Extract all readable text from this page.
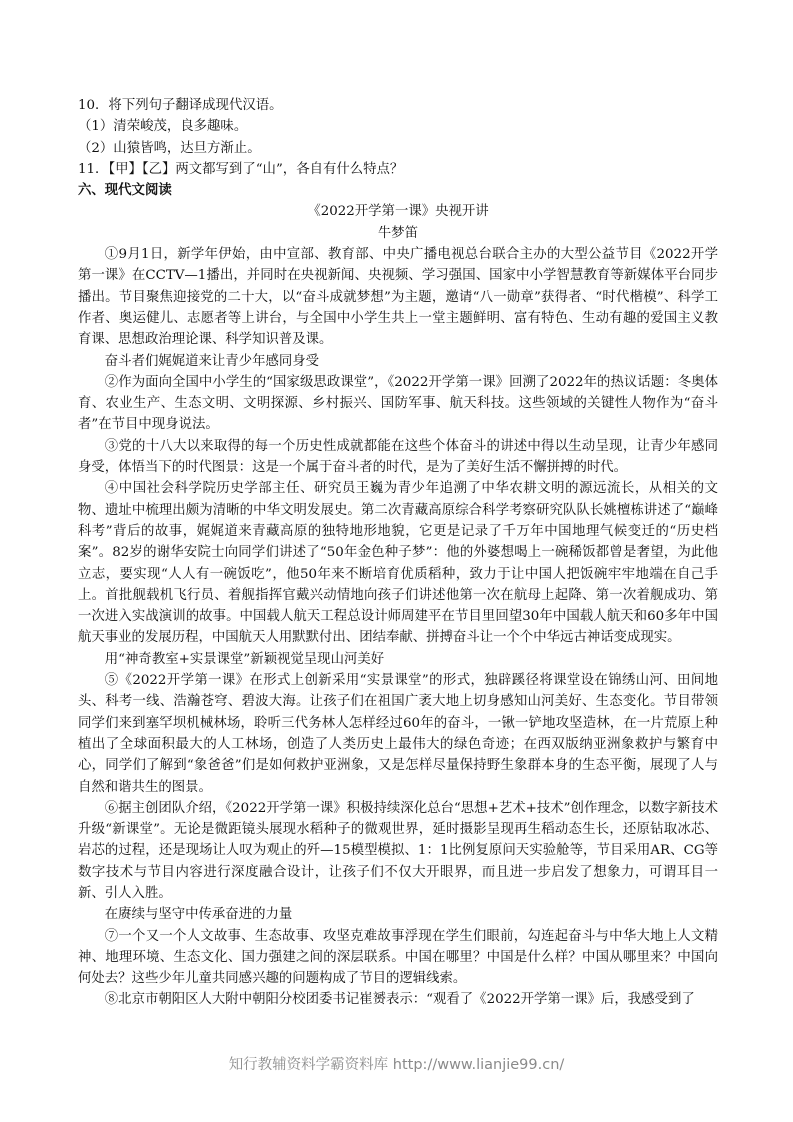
10．将下列句子翻译成现代汉语。

（1）清荣峻茂，良多趣味。

（2）山猿皆鸣，达旦方渐止。

11．【甲】【乙】两文都写到了“山”，各自有什么特点？

六、现代文阅读

《2022开学第一课》央视开讲

牛梦笛

①9月1日，新学年伊始，由中宣部、教育部、中央广播电视总台联合主办的大型公益节目《2022开学第一课》在CCTV—1播出，并同时在央视新闻、央视频、学习强国、国家中小学智慧教育等新媒体平台同步播出。节目聚焦迎接党的二十大，以“奋斗成就梦想”为主题，邀请“八一勋章”获得者、“时代楷模”、科学工作者、奥运健儿、志愿者等上讲台，与全国中小学生共上一堂主题鲜明、富有特色、生动有趣的爱国主义教育课、思想政治理论课、科学知识普及课。

奋斗者们娓娓道来让青少年感同身受

②作为面向全国中小学生的“国家级思政课堂”，《2022开学第一课》回溯了2022年的热议话题：冬奥体育、农业生产、生态文明、文明探源、乡村振兴、国防军事、航天科技。这些领域的关键性人物作为“奋斗者”在节目中现身说法。

③党的十八大以来取得的每一个历史性成就都能在这些个体奋斗的讲述中得以生动呈现，让青少年感同身受，体悟当下的时代图景：这是一个属于奋斗者的时代，是为了美好生活不懈拼搏的时代。

④中国社会科学院历史学部主任、研究员王巍为青少年追溯了中华农耕文明的源远流长，从相关的文物、遗址中梳理出颇为清晰的中华文明发展史。第二次青藏高原综合科学考察研究队队长姚檀栋讲述了“巅峰科考”背后的故事，娓娓道来青藏高原的独特地形地貌，它更是记录了千万年中国地理气候变迁的“历史档案”。82岁的谢华安院士向同学们讲述了“50年金色种子梦”：他的外婆想喝上一碗稀饭都曾是奢望，为此他立志，要实现“人人有一碗饭吃”，他50年来不断培育优质稻种，致力于让中国人把饭碗牢牢地端在自己手上。首批舰载机飞行员、着舰指挥官戴兴动情地向孩子们讲述他第一次在航母上起降、第一次着舰成功、第一次进入实战演训的故事。中国载人航天工程总设计师周建平在节目里回望30年中国载人航天和60多年中国航天事业的发展历程，中国航天人用默默付出、团结奉献、拼搏奋斗让一个个中华远古神话变成现实。

用“神奇教室+实景课堂”新颖视觉呈现山河美好

⑤《2022开学第一课》在形式上创新采用“实景课堂”的形式，独辟蹊径将课堂设在锦绣山河、田间地头、科考一线、浩瀚苍穹、碧波大海。让孩子们在祖国广袤大地上切身感知山河美好、生态变化。节目带领同学们来到塞罕坝机械林场，聆听三代务林人怎样经过60年的奋斗，一锹一铲地攻坚造林，在一片荒原上种植出了全球面积最大的人工林场，创造了人类历史上最伟大的绿色奇迹；在西双版纳亚洲象救护与繁育中心，同学们了解到“象爸爸”们是如何救护亚洲象，又是怎样尽量保持野生象群本身的生态平衡，展现了人与自然和谐共生的图景。

⑥据主创团队介绍，《2022开学第一课》积极持续深化总台“思想+艺术+技术”创作理念，以数字新技术升级“新课堂”。无论是微距镜头展现水稻种子的微观世界，延时摄影呈现再生稻动态生长，还原钻取冰芯、岩芯的过程，还是现场让人叹为观止的歼—15模型模拟、1：1比例复原问天实验舱等，节目采用AR、CG等数字技术与节目内容进行深度融合设计，让孩子们不仅大开眼界，而且进一步启发了想象力，可谓耳目一新、引人入胜。

在赓续与坚守中传承奋进的力量

⑦一个又一个人文故事、生态故事、攻坚克难故事浮现在学生们眼前，勾连起奋斗与中华大地上人文精神、地理环境、生态文化、国力强建之间的深层联系。中国在哪里？中国是什么样？中国从哪里来？中国向何处去？这些少年儿童共同感兴趣的问题构成了节目的逻辑线索。

⑧北京市朝阳区人大附中朝阳分校团委书记崔赟表示：“观看了《2022开学第一课》后，我感受到了

知行教辅资料学霸资料库 http://www.lianjie99.cn/
